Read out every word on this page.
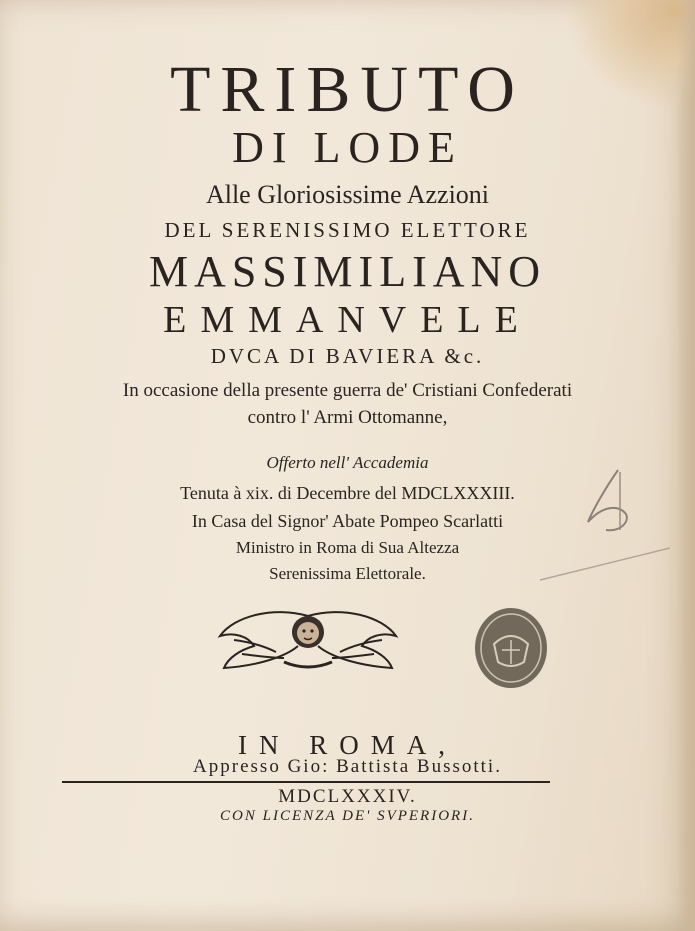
TRIBUTO
DI LODE
Alle Gloriosissime Azzioni
DEL SERENISSIMO ELETTORE
MASSIMILIANO
EMMANVELE
DVCA DI BAVIERA &c.
In occasione della presente guerra de' Cristiani Confederati
contro l' Armi Ottomanne,
Offerto nell' Accademia
Tenuta à xix. di Decembre del MDCLXXXIII.
In Casa del Signor' Abate Pompeo Scarlatti
Ministro in Roma di Sua Altezza
Serenissima Elettorale.
IN ROMA,
Appresso Gio: Battista Bussotti.
MDCLXXXIV.
CON LICENZA DE' SVPERIORI.
